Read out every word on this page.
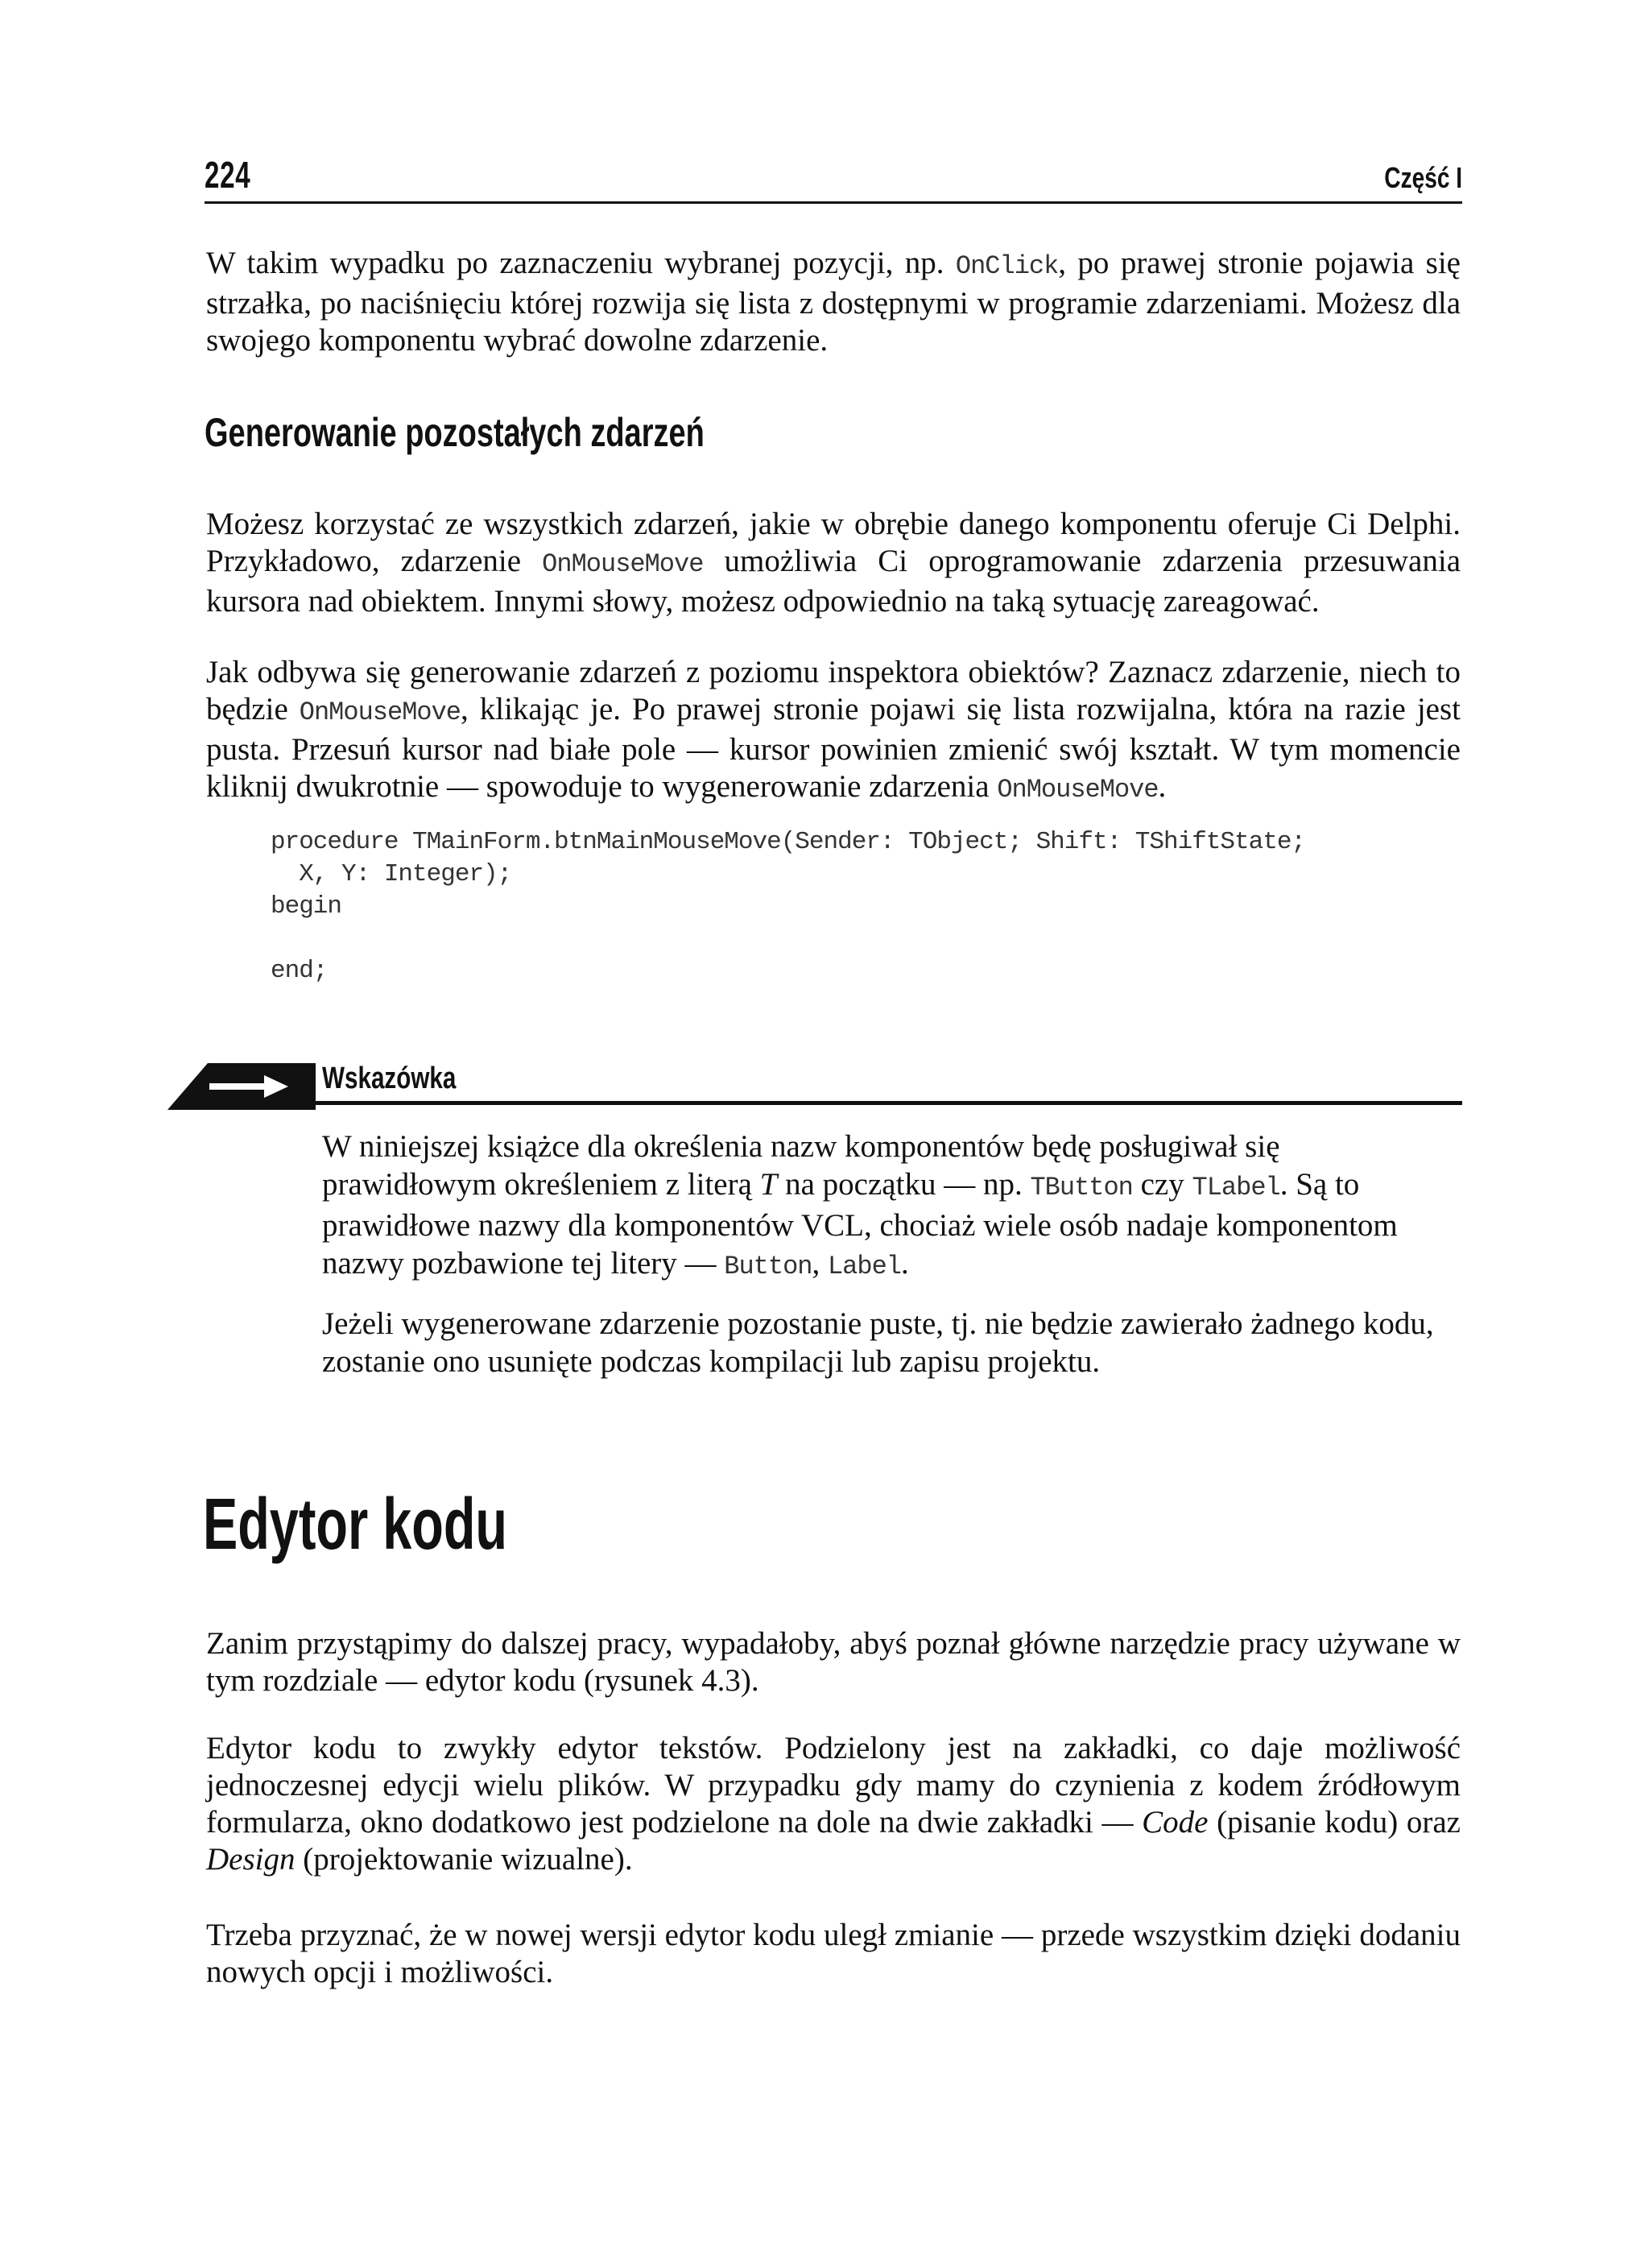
224	Część I
W takim wypadku po zaznaczeniu wybranej pozycji, np. OnClick, po prawej stronie pojawia się strzałka, po naciśnięciu której rozwija się lista z dostępnymi w programie zdarzeniami. Możesz dla swojego komponentu wybrać dowolne zdarzenie.
Generowanie pozostałych zdarzeń
Możesz korzystać ze wszystkich zdarzeń, jakie w obrębie danego komponentu oferuje Ci Delphi. Przykładowo, zdarzenie OnMouseMove umożliwia Ci oprogramowanie zdarzenia przesuwania kursora nad obiektem. Innymi słowy, możesz odpowiednio na taką sytuację zareagować.
Jak odbywa się generowanie zdarzeń z poziomu inspektora obiektów? Zaznacz zdarzenie, niech to będzie OnMouseMove, klikając je. Po prawej stronie pojawi się lista rozwijalna, która na razie jest pusta. Przesuń kursor nad białe pole — kursor powinien zmienić swój kształt. W tym momencie kliknij dwukrotnie — spowoduje to wygenerowanie zdarzenia OnMouseMove.
procedure TMainForm.btnMainMouseMove(Sender: TObject; Shift: TShiftState;
X, Y: Integer);
begin

end;
Wskazówka
W niniejszej książce dla określenia nazw komponentów będę posługiwał się prawidłowym określeniem z literą T na początku — np. TButton czy TLabel. Są to prawidłowe nazwy dla komponentów VCL, chociaż wiele osób nadaje komponentom nazwy pozbawione tej litery — Button, Label.
Jeżeli wygenerowane zdarzenie pozostanie puste, tj. nie będzie zawierało żadnego kodu, zostanie ono usunięte podczas kompilacji lub zapisu projektu.
Edytor kodu
Zanim przystąpimy do dalszej pracy, wypadałoby, abyś poznał główne narzędzie pracy używane w tym rozdziale — edytor kodu (rysunek 4.3).
Edytor kodu to zwykły edytor tekstów. Podzielony jest na zakładki, co daje możliwość jednoczesnej edycji wielu plików. W przypadku gdy mamy do czynienia z kodem źródłowym formularza, okno dodatkowo jest podzielone na dole na dwie zakładki — Code (pisanie kodu) oraz Design (projektowanie wizualne).
Trzeba przyznać, że w nowej wersji edytor kodu uległ zmianie — przede wszystkim dzięki dodaniu nowych opcji i możliwości.
